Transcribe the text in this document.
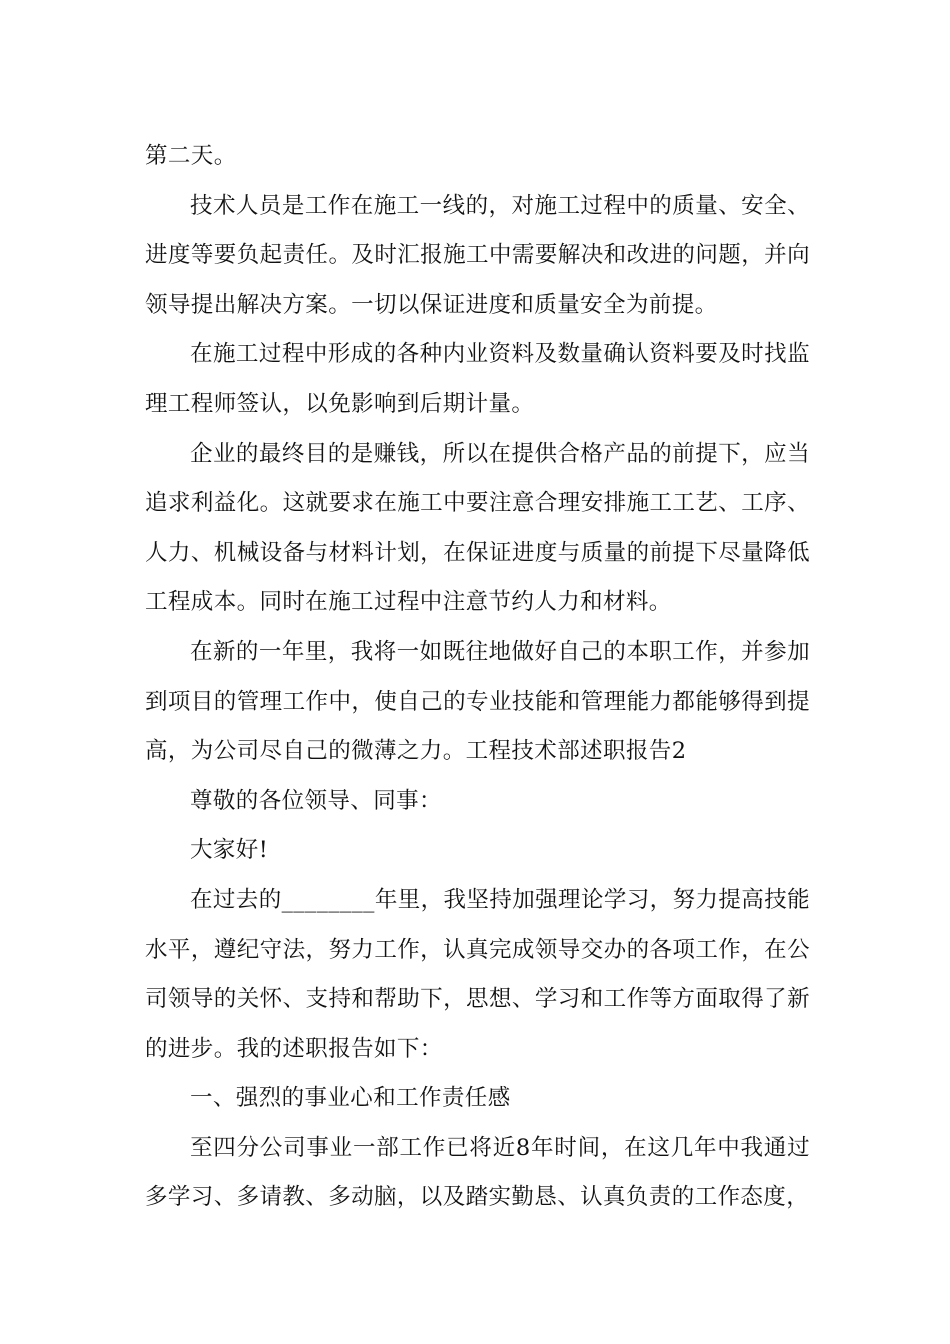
第二天。

技术人员是工作在施工一线的，对施工过程中的质量、安全、进度等要负起责任。及时汇报施工中需要解决和改进的问题，并向领导提出解决方案。一切以保证进度和质量安全为前提。

在施工过程中形成的各种内业资料及数量确认资料要及时找监理工程师签认，以免影响到后期计量。

企业的最终目的是赚钱，所以在提供合格产品的前提下，应当追求利益化。这就要求在施工中要注意合理安排施工工艺、工序、人力、机械设备与材料计划，在保证进度与质量的前提下尽量降低工程成本。同时在施工过程中注意节约人力和材料。

在新的一年里，我将一如既往地做好自己的本职工作，并参加到项目的管理工作中，使自己的专业技能和管理能力都能够得到提高，为公司尽自己的微薄之力。工程技术部述职报告2

尊敬的各位领导、同事：

大家好!

在过去的________年里，我坚持加强理论学习，努力提高技能水平，遵纪守法，努力工作，认真完成领导交办的各项工作，在公司领导的关怀、支持和帮助下，思想、学习和工作等方面取得了新的进步。我的述职报告如下：

一、强烈的事业心和工作责任感

至四分公司事业一部工作已将近8年时间，在这几年中我通过多学习、多请教、多动脑，以及踏实勤恳、认真负责的工作态度，
